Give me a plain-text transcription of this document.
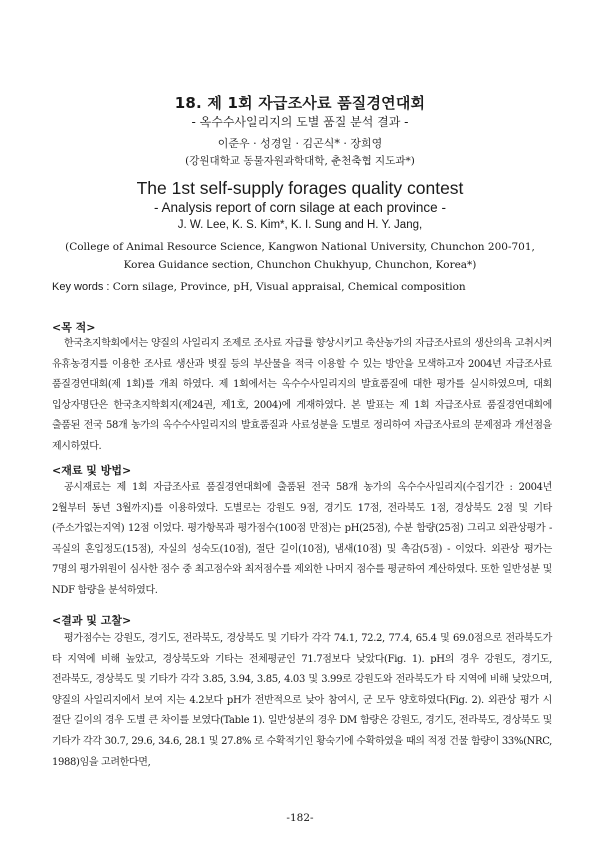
18. 제 1회 자급조사료 품질경연대회
- 옥수수사일리지의 도별 품질 분석 결과 -
이준우 · 성경일 · 김곤식* · 장희영
(강원대학교 동물자원과학대학, 춘천축협 지도과*)
The 1st self-supply forages quality contest
- Analysis report of corn silage at each province -
J. W. Lee, K. S. Kim*, K. I. Sung and H. Y. Jang,
(College of Animal Resource Science, Kangwon National University, Chunchon 200-701, Korea Guidance section, Chunchon Chukhyup, Chunchon, Korea*)
Key words : Corn silage, Province, pH, Visual appraisal, Chemical composition
<목 적>
한국초지학회에서는 양질의 사일리지 조제로 조사료 자급률 향상시키고 축산농가의 자급조사료의 생산의욕 고취시켜 유휴농경지를 이용한 조사료 생산과 볏짚 등의 부산물을 적극 이용할 수 있는 방안을 모색하고자 2004년 자급조사료 품질경연대회(제 1회)를 개최 하였다. 제 1회에서는 옥수수사일리지의 발효품질에 대한 평가를 실시하였으며, 대회 입상자명단은 한국초지학회지(제24권, 제1호, 2004)에 게재하였다. 본 발표는 제 1회 자급조사료 품질경연대회에 출품된 전국 58개 농가의 옥수수사일리지의 발효품질과 사료성분을 도별로 정리하여 자급조사료의 문제점과 개선점을 제시하였다.
<재료 및 방법>
공시재료는 제 1회 자급조사료 품질경연대회에 출품된 전국 58개 농가의 옥수수사일리지(수집기간 : 2004년 2월부터 동년 3월까지)를 이용하였다. 도별로는 강원도 9점, 경기도 17점, 전라북도 1점, 경상북도 2점 및 기타(주소가없는지역) 12점 이었다. 평가항목과 평가점수(100점 만점)는 pH(25점), 수분 함량(25점) 그리고 외관상평가 - 곡실의 혼입정도(15점), 자실의 성숙도(10점), 절단 길이(10점), 냄새(10점) 및 촉감(5점) - 이었다. 외관상 평가는 7명의 평가위원이 심사한 점수 중 최고점수와 최저점수를 제외한 나머지 점수를 평균하여 계산하였다. 또한 일반성분 및 NDF 함량을 분석하였다.
<결과 및 고찰>
평가점수는 강원도, 경기도, 전라북도, 경상북도 및 기타가 각각 74.1, 72.2, 77.4, 65.4 및 69.0점으로 전라북도가 타 지역에 비해 높았고, 경상북도와 기타는 전체평균인 71.7점보다 낮았다(Fig. 1). pH의 경우 강원도, 경기도, 전라북도, 경상북도 및 기타가 각각 3.85, 3.94, 3.85, 4.03 및 3.99로 강원도와 전라북도가 타 지역에 비해 낮았으며, 양질의 사일리지에서 보여 지는 4.2보다 pH가 전반적으로 낮아 참여시, 군 모두 양호하였다(Fig. 2). 외관상 평가 시 절단 길이의 경우 도별 큰 차이를 보였다(Table 1). 일반성분의 경우 DM 함량은 강원도, 경기도, 전라북도, 경상북도 및 기타가 각각 30.7, 29.6, 34.6, 28.1 및 27.8% 로 수확적기인 황숙기에 수확하였을 때의 적정 건물 함량이 33%(NRC, 1988)임을 고려한다면,
-182-
